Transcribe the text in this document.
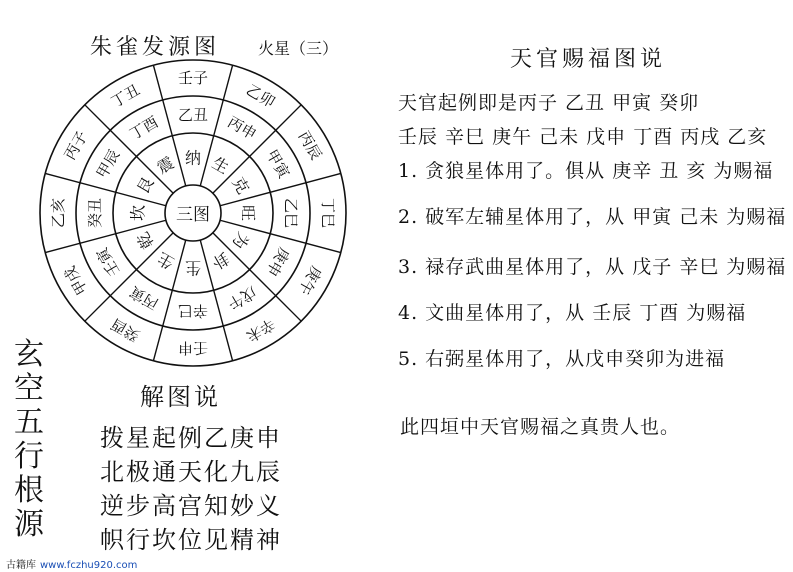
朱雀发源图 火星（三）
纳 生
克
旺
为
卦
生
生
乾
坎
艮
震
乙丑 丙申
甲寅
乙巳
庚申
戊午
辛巳
丙寅
壬寅
癸丑
甲辰
丁酉
壬子
乙卯
丙辰
丁巳
庚午
辛未
壬申
癸酉
甲戌
乙亥
丙子
丁丑
三图
玄
空
五
行
根
源
解图说
拨星起例乙庚申
北极通天化九辰
逆步高宫知妙义
帜行坎位见精神
天官赐福图说
天官起例即是丙子 乙丑 甲寅 癸卯
壬辰 辛巳 庚午 己未 戊申 丁酉 丙戌 乙亥
1. 贪狼星体用了。俱从 庚辛 丑 亥 为赐福
2. 破军左辅星体用了，从 甲寅 己未 为赐福
3. 禄存武曲星体用了，从 戊子 辛巳 为赐福
4. 文曲星体用了，从 壬辰 丁酉 为赐福
5. 右弼星体用了，从戊申癸卯为进福
此四垣中天官赐福之真贵人也。
古籍库 www.fczhu920.com
